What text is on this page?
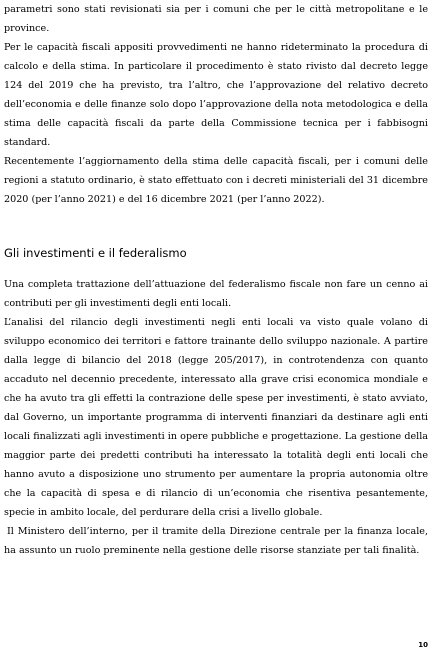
parametri sono stati revisionati sia per i comuni che per le città metropolitane e le province.

Per le capacità fiscali appositi provvedimenti ne hanno rideterminato la procedura di calcolo e della stima. In particolare il procedimento è stato rivisto dal decreto legge 124 del 2019 che ha previsto, tra l’altro, che l’approvazione del relativo decreto dell’economia e delle finanze solo dopo l’approvazione della nota metodologica e della stima delle capacità fiscali da parte della Commissione tecnica per i fabbisogni standard.

Recentemente l’aggiornamento della stima delle capacità fiscali, per i comuni delle regioni a statuto ordinario, è stato effettuato con i decreti ministeriali del 31 dicembre 2020 (per l’anno 2021) e del 16 dicembre 2021 (per l’anno 2022).

Gli investimenti e il federalismo

Una completa trattazione dell’attuazione del federalismo fiscale non fare un cenno ai contributi per gli investimenti degli enti locali.

L’analisi del rilancio degli investimenti negli enti locali va visto quale volano di sviluppo economico dei territori e fattore trainante dello sviluppo nazionale. A partire dalla legge di bilancio del 2018 (legge 205/2017), in controtendenza con quanto accaduto nel decennio precedente, interessato alla grave crisi economica mondiale e che ha avuto tra gli effetti la contrazione delle spese per investimenti, è stato avviato, dal Governo, un importante programma di interventi finanziari da destinare agli enti locali finalizzati agli investimenti in opere pubbliche e progettazione. La gestione della maggior parte dei predetti contributi ha interessato la totalità degli enti locali che hanno avuto a disposizione uno strumento per aumentare la propria autonomia oltre che la capacità di spesa e di rilancio di un’economia che risentiva pesantemente, specie in ambito locale, del perdurare della crisi a livello globale.

Il Ministero dell’interno, per il tramite della Direzione centrale per la finanza locale, ha assunto un ruolo preminente nella gestione delle risorse stanziate per tali finalità.

10
